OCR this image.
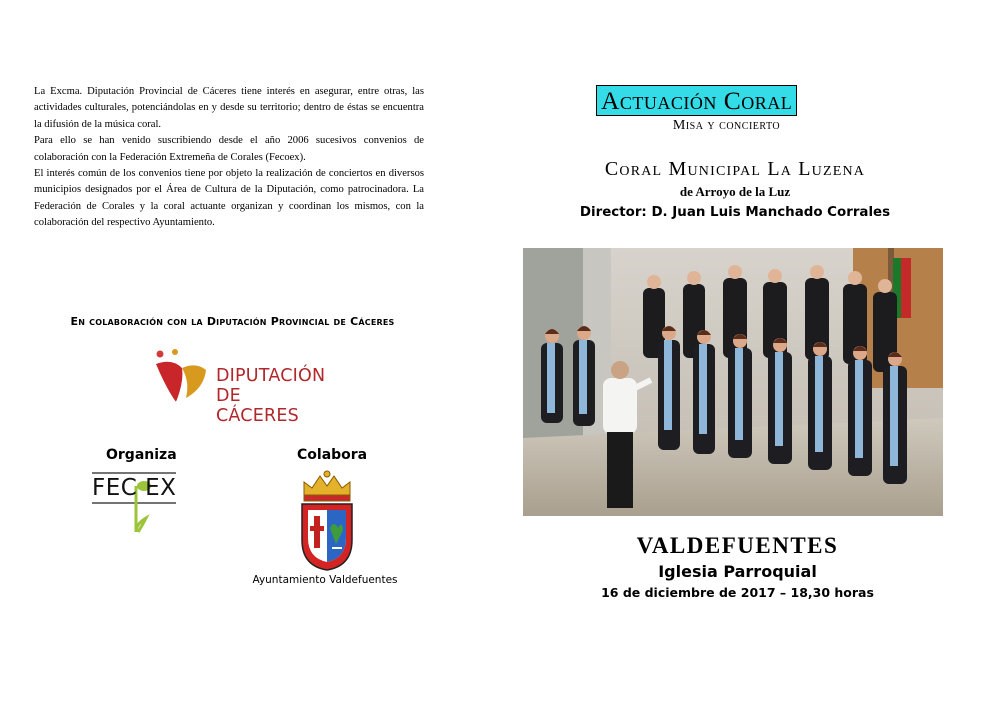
La Excma. Diputación Provincial de Cáceres tiene interés en asegurar, entre otras, las actividades culturales, potenciándolas en y desde su territorio; dentro de éstas se encuentra la difusión de la música coral.

Para ello se han venido suscribiendo desde el año 2006 sucesivos convenios de colaboración con la Federación Extremeña de Corales (Fecoex).

El interés común de los convenios tiene por objeto la realización de conciertos en diversos municipios designados por el Área de Cultura de la Diputación, como patrocinadora. La Federación de Corales y la coral actuante organizan y coordinan los mismos, con la colaboración del respectivo Ayuntamiento.

En colaboración con la Diputación Provincial de Cáceres
DIPUTACIÓN
DE CÁCERES
Organiza	Colabora
FEC EX
Ayuntamiento Valdefuentes
Actuación Coral
Misa y concierto
Coral Municipal La Luzena
de Arroyo de la Luz
Director: D. Juan Luis Manchado Corrales
VALDEFUENTES
Iglesia Parroquial
16 de diciembre de 2017 – 18,30 horas
